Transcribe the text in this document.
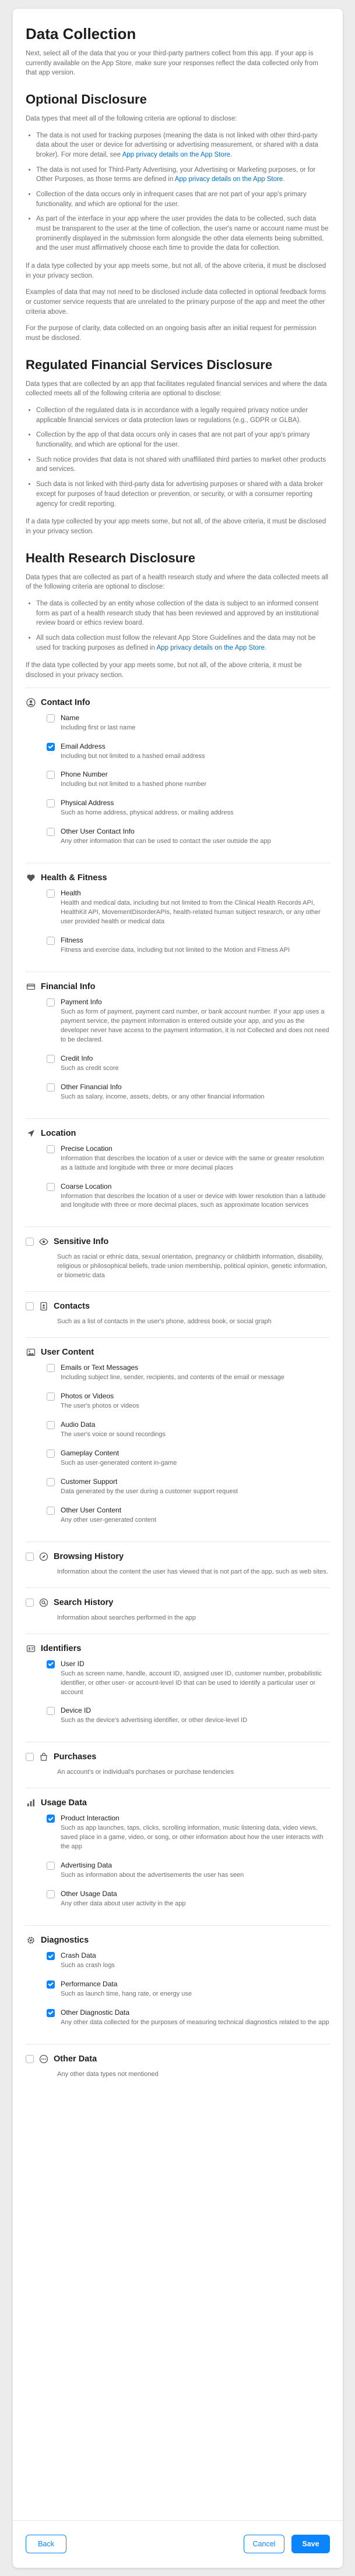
Data Collection

Next, select all of the data that you or your third-party partners collect from this app. If your app is currently available on the App Store, make sure your responses reflect the data collected only from that app version.

Optional Disclosure

Data types that meet all of the following criteria are optional to disclose:

• The data is not used for tracking purposes (meaning the data is not linked with other third-party data about the user or device for advertising or advertising measurement, or shared with a data broker). For more detail, see App privacy details on the App Store.
• The data is not used for Third-Party Advertising, your Advertising or Marketing purposes, or for Other Purposes, as those terms are defined in App privacy details on the App Store.
• Collection of the data occurs only in infrequent cases that are not part of your app's primary functionality, and which are optional for the user.
• As part of the interface in your app where the user provides the data to be collected, such data must be transparent to the user at the time of collection, the user's name or account name must be prominently displayed in the submission form alongside the other data elements being submitted, and the user must affirmatively choose each time to provide the data for collection.

If a data type collected by your app meets some, but not all, of the above criteria, it must be disclosed in your privacy section.

Examples of data that may not need to be disclosed include data collected in optional feedback forms or customer service requests that are unrelated to the primary purpose of the app and meet the other criteria above.

For the purpose of clarity, data collected on an ongoing basis after an initial request for permission must be disclosed.

Regulated Financial Services Disclosure

Data types that are collected by an app that facilitates regulated financial services and where the data collected meets all of the following criteria are optional to disclose:

• Collection of the regulated data is in accordance with a legally required privacy notice under applicable financial services or data protection laws or regulations (e.g., GDPR or GLBA).
• Collection by the app of that data occurs only in cases that are not part of your app's primary functionality, and which are optional for the user.
• Such notice provides that data is not shared with unaffiliated third parties to market other products and services.
• Such data is not linked with third-party data for advertising purposes or shared with a data broker except for purposes of fraud detection or prevention, or security, or with a consumer reporting agency for credit reporting.

If a data type collected by your app meets some, but not all, of the above criteria, it must be disclosed in your privacy section.

Health Research Disclosure

Data types that are collected as part of a health research study and where the data collected meets all of the following criteria are optional to disclose:

• The data is collected by an entity whose collection of the data is subject to an informed consent form as part of a health research study that has been reviewed and approved by an institutional review board or ethics review board.
• All such data collection must follow the relevant App Store Guidelines and the data may not be used for tracking purposes as defined in App privacy details on the App Store.

If the data type collected by your app meets some, but not all, of the above criteria, it must be disclosed in your privacy section.

Contact Info
Name
Including first or last name
Email Address
Including but not limited to a hashed email address
Phone Number
Including but not limited to a hashed phone number
Physical Address
Such as home address, physical address, or mailing address
Other User Contact Info
Any other information that can be used to contact the user outside the app
Health & Fitness
Health
Health and medical data, including but not limited to from the Clinical Health Records API, HealthKit API, MovementDisorderAPIs, health-related human subject research, or any other user provided health or medical data
Fitness
Fitness and exercise data, including but not limited to the Motion and Fitness API
Financial Info
Payment Info
Such as form of payment, payment card number, or bank account number. If your app uses a payment service, the payment information is entered outside your app, and you as the developer never have access to the payment information, it is not Collected and does not need to be declared.
Credit Info
Such as credit score
Other Financial Info
Such as salary, income, assets, debts, or any other financial information
Location
Precise Location
Information that describes the location of a user or device with the same or greater resolution as a latitude and longitude with three or more decimal places
Coarse Location
Information that describes the location of a user or device with lower resolution than a latitude and longitude with three or more decimal places, such as approximate location services
Sensitive Info
Such as racial or ethnic data, sexual orientation, pregnancy or childbirth information, disability, religious or philosophical beliefs, trade union membership, political opinion, genetic information, or biometric data
Contacts
Such as a list of contacts in the user's phone, address book, or social graph
User Content
Emails or Text Messages
Including subject line, sender, recipients, and contents of the email or message
Photos or Videos
The user's photos or videos
Audio Data
The user's voice or sound recordings
Gameplay Content
Such as user-generated content in-game
Customer Support
Data generated by the user during a customer support request
Other User Content
Any other user-generated content
Browsing History
Information about the content the user has viewed that is not part of the app, such as web sites.
Search History
Information about searches performed in the app
Identifiers
User ID
Such as screen name, handle, account ID, assigned user ID, customer number, probabilistic identifier, or other user- or account-level ID that can be used to identify a particular user or account
Device ID
Such as the device's advertising identifier, or other device-level ID
Purchases
An account's or individual's purchases or purchase tendencies
Usage Data
Product Interaction
Such as app launches, taps, clicks, scrolling information, music listening data, video views, saved place in a game, video, or song, or other information about how the user interacts with the app
Advertising Data
Such as information about the advertisements the user has seen
Other Usage Data
Any other data about user activity in the app
Diagnostics
Crash Data
Such as crash logs
Performance Data
Such as launch time, hang rate, or energy use
Other Diagnostic Data
Any other data collected for the purposes of measuring technical diagnostics related to the app
Other Data
Any other data types not mentioned
Back	Cancel	Save
